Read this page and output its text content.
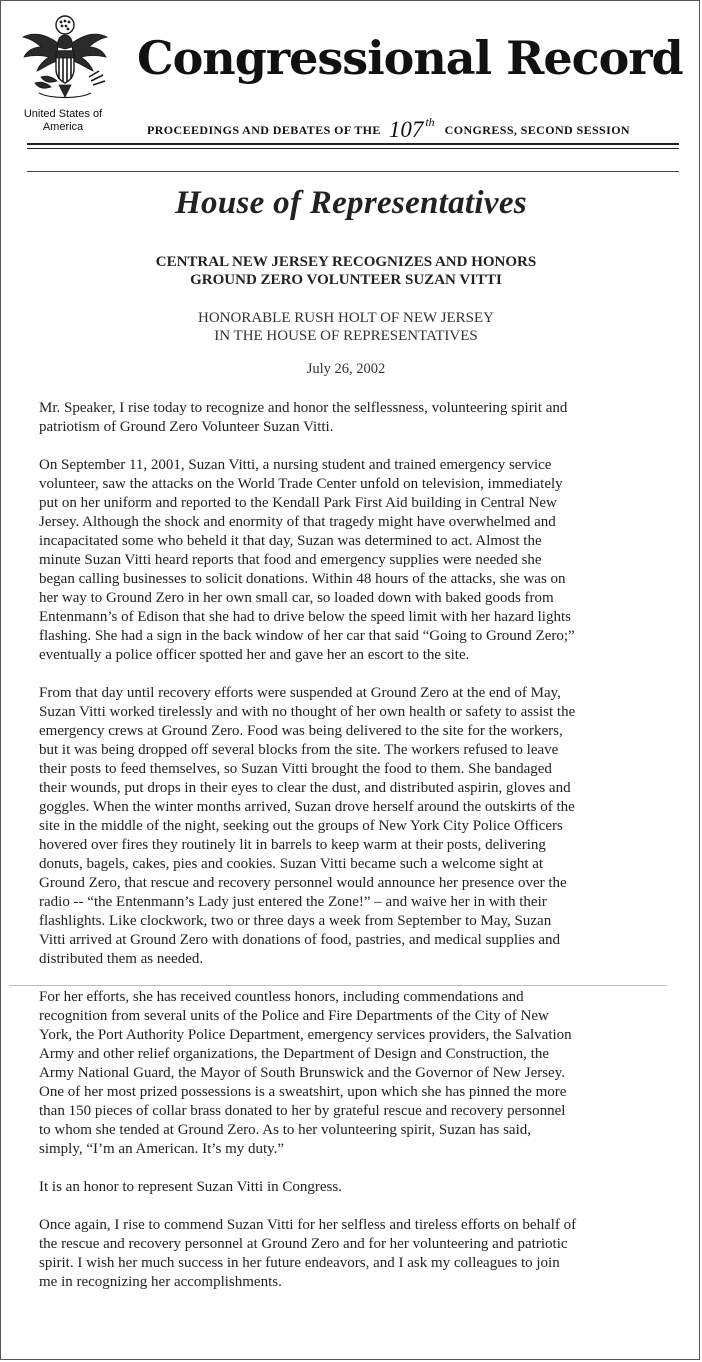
United States of America
Congressional Record
PROCEEDINGS AND DEBATES OF THE 107 $^{th}$CONGRESS, SECOND SESSION
House of Representatives
CENTRAL NEW JERSEY RECOGNIZES AND HONORS
GROUND ZERO VOLUNTEER SUZAN VITTI
HONORABLE RUSH HOLT OF NEW JERSEY
IN THE HOUSE OF REPRESENTATIVES
July 26, 2002
Mr. Speaker, I rise today to recognize and honor the selflessness, volunteering spirit and
patriotism of Ground Zero Volunteer Suzan Vitti.
On September 11, 2001, Suzan Vitti, a nursing student and trained emergency service
volunteer, saw the attacks on the World Trade Center unfold on television, immediately
put on her uniform and reported to the Kendall Park First Aid building in Central New
Jersey. Although the shock and enormity of that tragedy might have overwhelmed and
incapacitated some who beheld it that day, Suzan was determined to act. Almost the
minute Suzan Vitti heard reports that food and emergency supplies were needed she
began calling businesses to solicit donations. Within 48 hours of the attacks, she was on
her way to Ground Zero in her own small car, so loaded down with baked goods from
Entenmann’s of Edison that she had to drive below the speed limit with her hazard lights
flashing. She had a sign in the back window of her car that said “Going to Ground Zero;”
eventually a police officer spotted her and gave her an escort to the site.
From that day until recovery efforts were suspended at Ground Zero at the end of May,
Suzan Vitti worked tirelessly and with no thought of her own health or safety to assist the
emergency crews at Ground Zero. Food was being delivered to the site for the workers,
but it was being dropped off several blocks from the site. The workers refused to leave
their posts to feed themselves, so Suzan Vitti brought the food to them. She bandaged
their wounds, put drops in their eyes to clear the dust, and distributed aspirin, gloves and
goggles. When the winter months arrived, Suzan drove herself around the outskirts of the
site in the middle of the night, seeking out the groups of New York City Police Officers
hovered over fires they routinely lit in barrels to keep warm at their posts, delivering
donuts, bagels, cakes, pies and cookies. Suzan Vitti became such a welcome sight at
Ground Zero, that rescue and recovery personnel would announce her presence over the
radio -- “the Entenmann’s Lady just entered the Zone!” – and waive her in with their
flashlights. Like clockwork, two or three days a week from September to May, Suzan
Vitti arrived at Ground Zero with donations of food, pastries, and medical supplies and
distributed them as needed.
For her efforts, she has received countless honors, including commendations and
recognition from several units of the Police and Fire Departments of the City of New
York, the Port Authority Police Department, emergency services providers, the Salvation
Army and other relief organizations, the Department of Design and Construction, the
Army National Guard, the Mayor of South Brunswick and the Governor of New Jersey.
One of her most prized possessions is a sweatshirt, upon which she has pinned the more
than 150 pieces of collar brass donated to her by grateful rescue and recovery personnel
to whom she tended at Ground Zero. As to her volunteering spirit, Suzan has said,
simply, “I’m an American. It’s my duty.”
It is an honor to represent Suzan Vitti in Congress.
Once again, I rise to commend Suzan Vitti for her selfless and tireless efforts on behalf of
the rescue and recovery personnel at Ground Zero and for her volunteering and patriotic
spirit. I wish her much success in her future endeavors, and I ask my colleagues to join
me in recognizing her accomplishments.
